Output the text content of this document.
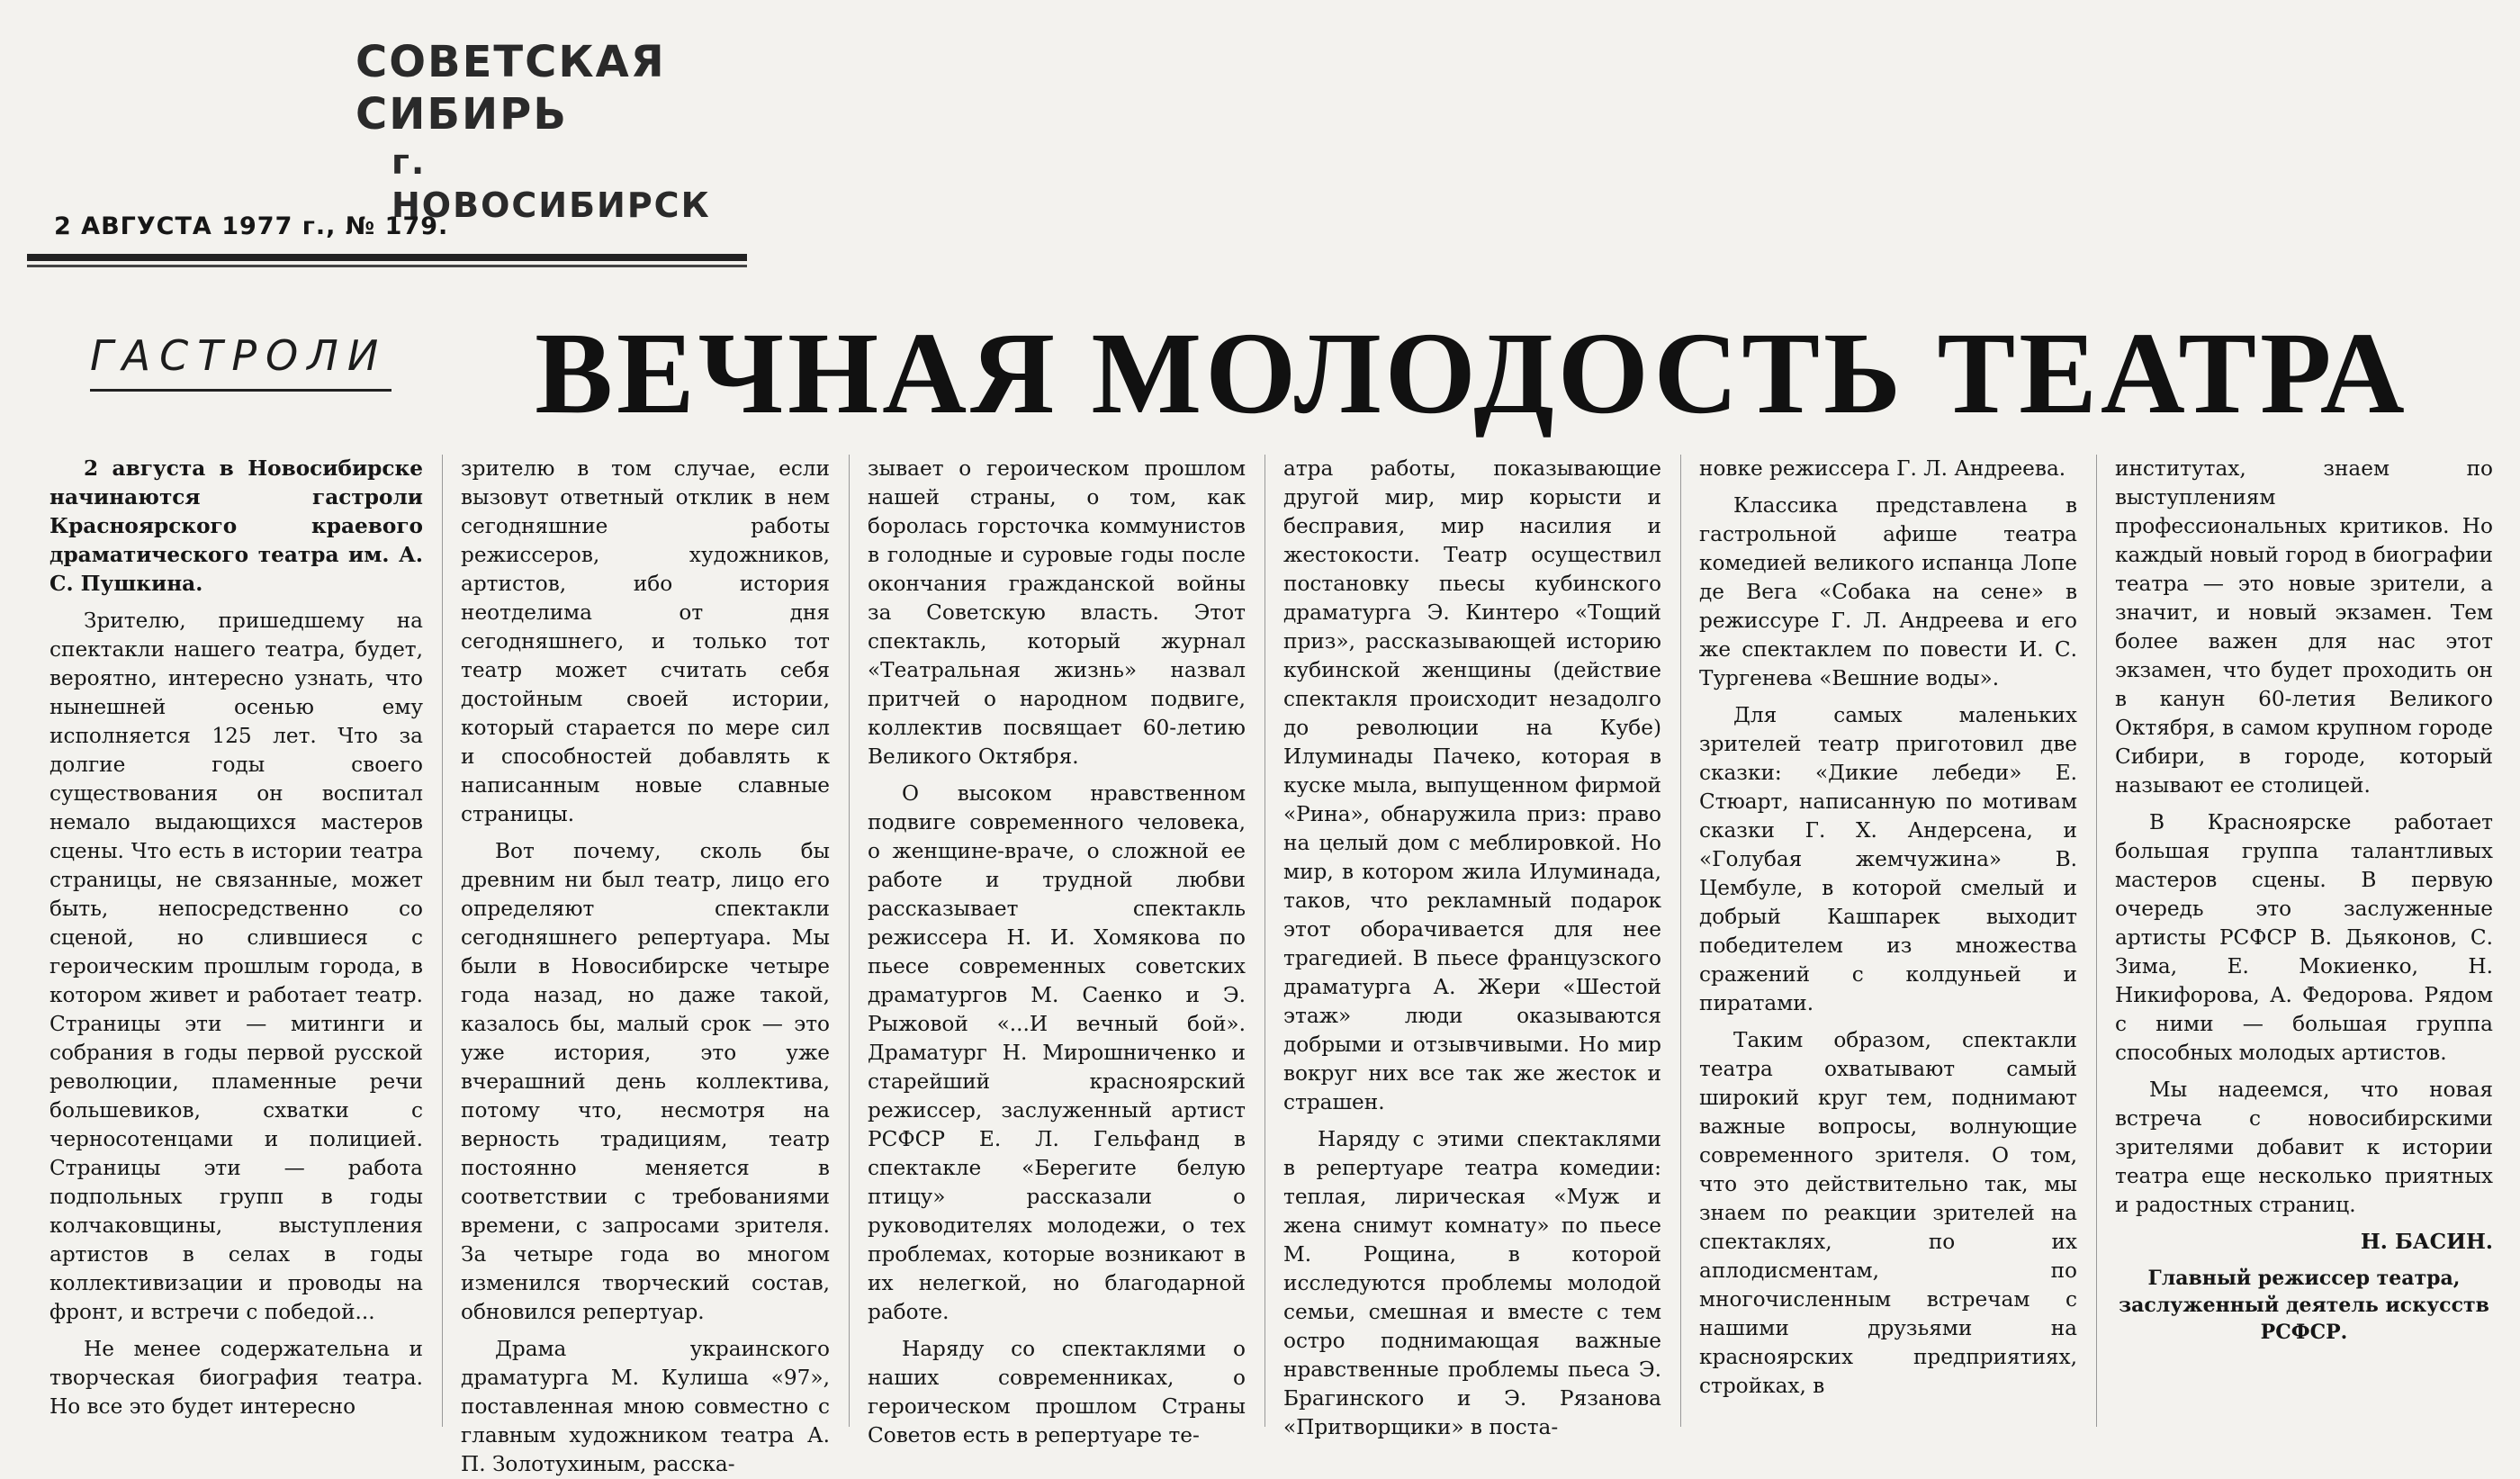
СОВЕТСКАЯ СИБИРЬ
г. НОВОСИБИРСК
2 АВГУСТА 1977 г., № 179.
ГАСТРОЛИ	ВЕЧНАЯ МОЛОДОСТЬ ТЕАТРА

2 августа в Новосибирске начинаются гастроли Красноярского краевого драматического театра им. А. С. Пушкина.

Зрителю, пришедшему на спектакли нашего театра, будет, вероятно, интересно узнать, что нынешней осенью ему исполняется 125 лет. Что за долгие годы своего существования он воспитал немало выдающихся мастеров сцены. Что есть в истории театра страницы, не связанные, может быть, непосредственно со сценой, но слившиеся с героическим прошлым города, в котором живет и работает театр. Страницы эти — митинги и собрания в годы первой русской революции, пламенные речи большевиков, схватки с черносотенцами и полицией. Страницы эти — работа подпольных групп в годы колчаковщины, выступления артистов в селах в годы коллективизации и проводы на фронт, и встречи с победой...

Не менее содержательна и творческая биография театра. Но все это будет интересно

зрителю в том случае, если вызовут ответный отклик в нем сегодняшние работы режиссеров, художников, артистов, ибо история неотделима от дня сегодняшнего, и только тот театр может считать себя достойным своей истории, который старается по мере сил и способностей добавлять к написанным новые славные страницы.

Вот почему, сколь бы древним ни был театр, лицо его определяют спектакли сегодняшнего репертуара. Мы были в Новосибирске четыре года назад, но даже такой, казалось бы, малый срок — это уже история, это уже вчерашний день коллектива, потому что, несмотря на верность традициям, театр постоянно меняется в соответствии с требованиями времени, с запросами зрителя. За четыре года во многом изменился творческий состав, обновился репертуар.

Драма украинского драматурга М. Кулиша «97», поставленная мною совместно с главным художником театра А. П. Золотухиным, расска-

зывает о героическом прошлом нашей страны, о том, как боролась горсточка коммунистов в голодные и суровые годы после окончания гражданской войны за Советскую власть. Этот спектакль, который журнал «Театральная жизнь» назвал притчей о народном подвиге, коллектив посвящает 60-летию Великого Октября.

О высоком нравственном подвиге современного человека, о женщине-враче, о сложной ее работе и трудной любви рассказывает спектакль режиссера Н. И. Хомякова по пьесе современных советских драматургов М. Саенко и Э. Рыжовой «...И вечный бой». Драматург Н. Мирошниченко и старейший красноярский режиссер, заслуженный артист РСФСР Е. Л. Гельфанд в спектакле «Берегите белую птицу» рассказали о руководителях молодежи, о тех проблемах, которые возникают в их нелегкой, но благодарной работе.

Наряду со спектаклями о наших современниках, о героическом прошлом Страны Советов есть в репертуаре те-

атра работы, показывающие другой мир, мир корысти и бесправия, мир насилия и жестокости. Театр осуществил постановку пьесы кубинского драматурга Э. Кинтеро «Тощий приз», рассказывающей историю кубинской женщины (действие спектакля происходит незадолго до революции на Кубе) Илуминады Пачеко, которая в куске мыла, выпущенном фирмой «Рина», обнаружила приз: право на целый дом с меблировкой. Но мир, в котором жила Илуминада, таков, что рекламный подарок этот оборачивается для нее трагедией. В пьесе французского драматурга А. Жери «Шестой этаж» люди оказываются добрыми и отзывчивыми. Но мир вокруг них все так же жесток и страшен.

Наряду с этими спектаклями в репертуаре театра комедии: теплая, лирическая «Муж и жена снимут комнату» по пьесе М. Рощина, в которой исследуются проблемы молодой семьи, смешная и вместе с тем остро поднимающая важные нравственные проблемы пьеса Э. Брагинского и Э. Рязанова «Притворщики» в поста-

новке режиссера Г. Л. Андреева.

Классика представлена в гастрольной афише театра комедией великого испанца Лопе де Вега «Собака на сене» в режиссуре Г. Л. Андреева и его же спектаклем по повести И. С. Тургенева «Вешние воды».

Для самых маленьких зрителей театр приготовил две сказки: «Дикие лебеди» Е. Стюарт, написанную по мотивам сказки Г. Х. Андерсена, и «Голубая жемчужина» В. Цембуле, в которой смелый и добрый Кашпарек выходит победителем из множества сражений с колдуньей и пиратами.

Таким образом, спектакли театра охватывают самый широкий круг тем, поднимают важные вопросы, волнующие современного зрителя. О том, что это действительно так, мы знаем по реакции зрителей на спектаклях, по их аплодисментам, по многочисленным встречам с нашими друзьями на красноярских предприятиях, стройках, в

институтах, знаем по выступлениям профессиональных критиков. Но каждый новый город в биографии театра — это новые зрители, а значит, и новый экзамен. Тем более важен для нас этот экзамен, что будет проходить он в канун 60-летия Великого Октября, в самом крупном городе Сибири, в городе, который называют ее столицей.

В Красноярске работает большая группа талантливых мастеров сцены. В первую очередь это заслуженные артисты РСФСР В. Дьяконов, С. Зима, Е. Мокиенко, Н. Никифорова, А. Федорова. Рядом с ними — большая группа способных молодых артистов.

Мы надеемся, что новая встреча с новосибирскими зрителями добавит к истории театра еще несколько приятных и радостных страниц.

Н. БАСИН.

Главный режиссер театра, заслуженный деятель искусств РСФСР.
